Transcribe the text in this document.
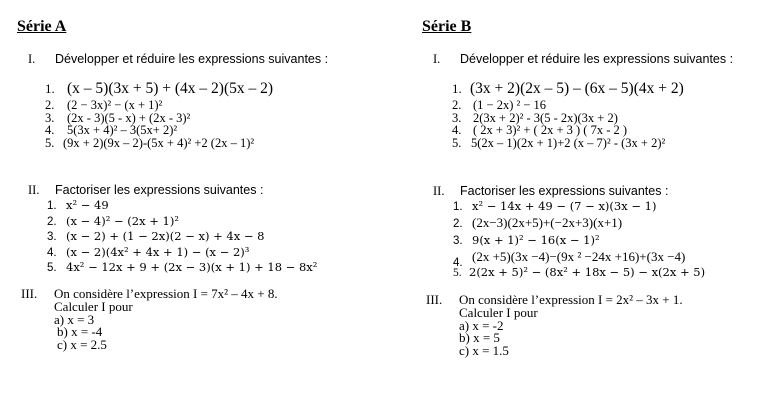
Série A
I. Développer et réduire les expressions suivantes :
1. (x – 5)(3x + 5) + (4x – 2)(5x – 2)
2. (2 − 3x)² − (x + 1)²
3. (2x - 3)(5 - x) + (2x - 3)²
4. 5(3x + 4)² – 3(5x+ 2)²
5. (9x + 2)(9x – 2)-(5x + 4)² +2 (2x – 1)²
II. Factoriser les expressions suivantes :
1. x² − 49
2. (x − 4)² − (2x + 1)²
3. (x − 2) + (1 − 2x)(2 − x) + 4x − 8
4. (x − 2)(4x² + 4x + 1) − (x − 2)³
5. 4x² − 12x + 9 + (2x − 3)(x + 1) + 18 − 8x²
III. On considère l’expression I = 7x² – 4x + 8.
Calculer I pour
a) x = 3
b) x = -4
c) x = 2.5
Série B
I. Développer et réduire les expressions suivantes :
1. (3x + 2)(2x – 5) – (6x – 5)(4x + 2)
2. (1 − 2x) ² − 16
3. 2(3x + 2)² - 3(5 - 2x)(3x + 2)
4. ( 2x + 3)² + ( 2x + 3 ) ( 7x - 2 )
5. 5(2x – 1)(2x + 1)+2 (x – 7)² - (3x + 2)²
II. Factoriser les expressions suivantes :
1. x² − 14x + 49 − (7 − x)(3x − 1)
2. (2x−3)(2x+5)+(−2x+3)(x+1)
3. 9(x + 1)² − 16(x − 1)²
4. (2x +5)(3x −4)−(9x ² −24x +16)+(3x −4)
5. 2(2x + 5)² − (8x² + 18x − 5) − x(2x + 5)
III. On considère l’expression I = 2x² – 3x + 1.
Calculer I pour
a) x = -2
b) x = 5
c) x = 1.5
